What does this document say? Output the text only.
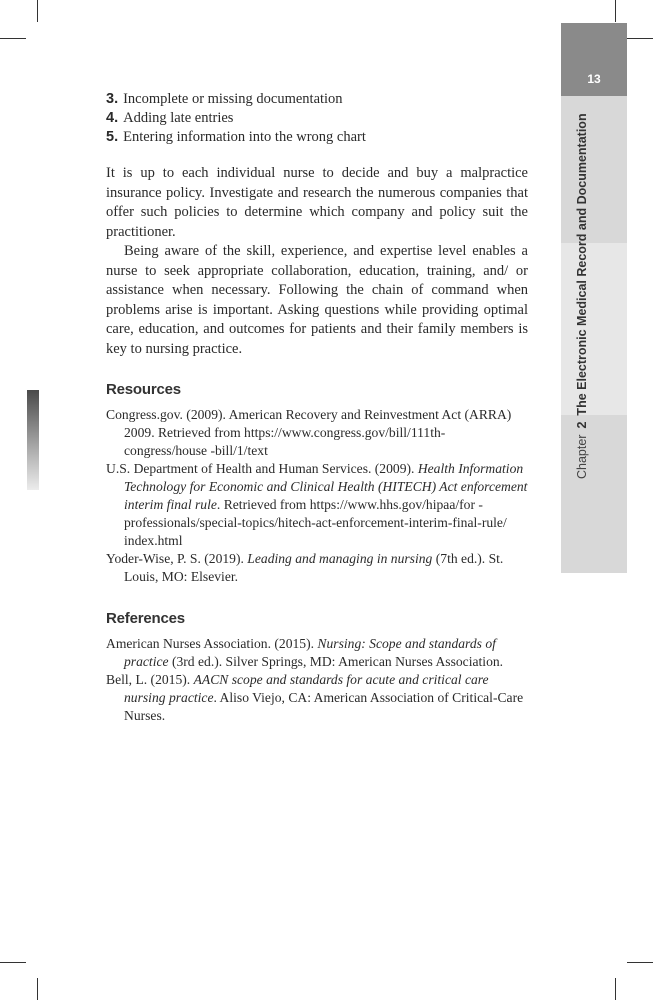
13
Chapter2The Electronic Medical Record and Documentation
3. Incomplete or missing documentation
4. Adding late entries
5. Entering information into the wrong chart

It is up to each individual nurse to decide and buy a malpractice insurance policy. Investigate and research the numerous companies that offer such policies to determine which company and policy suit the practitioner.

Being aware of the skill, experience, and expertise level enables a nurse to seek appropriate collaboration, education, training, and/ or assistance when necessary. Following the chain of command when problems arise is important. Asking questions while providing optimal care, education, and outcomes for patients and their family members is key to nursing practice.

Resources

Congress.gov. (2009). American Recovery and Reinvestment Act (ARRA) 2009. Retrieved from https://www.congress.gov/bill/111th-congress/house -bill/1/text

U.S. Department of Health and Human Services. (2009). Health Information Technology for Economic and Clinical Health (HITECH) Act enforcement interim final rule. Retrieved from https://www.hhs.gov/hipaa/for -professionals/special-topics/hitech-act-enforcement-interim-final-rule/ index.html

Yoder-Wise, P. S. (2019). Leading and managing in nursing (7th ed.). St. Louis, MO: Elsevier.

References

American Nurses Association. (2015). Nursing: Scope and standards of practice (3rd ed.). Silver Springs, MD: American Nurses Association.

Bell, L. (2015). AACN scope and standards for acute and critical care nursing practice. Aliso Viejo, CA: American Association of Critical-Care Nurses.
